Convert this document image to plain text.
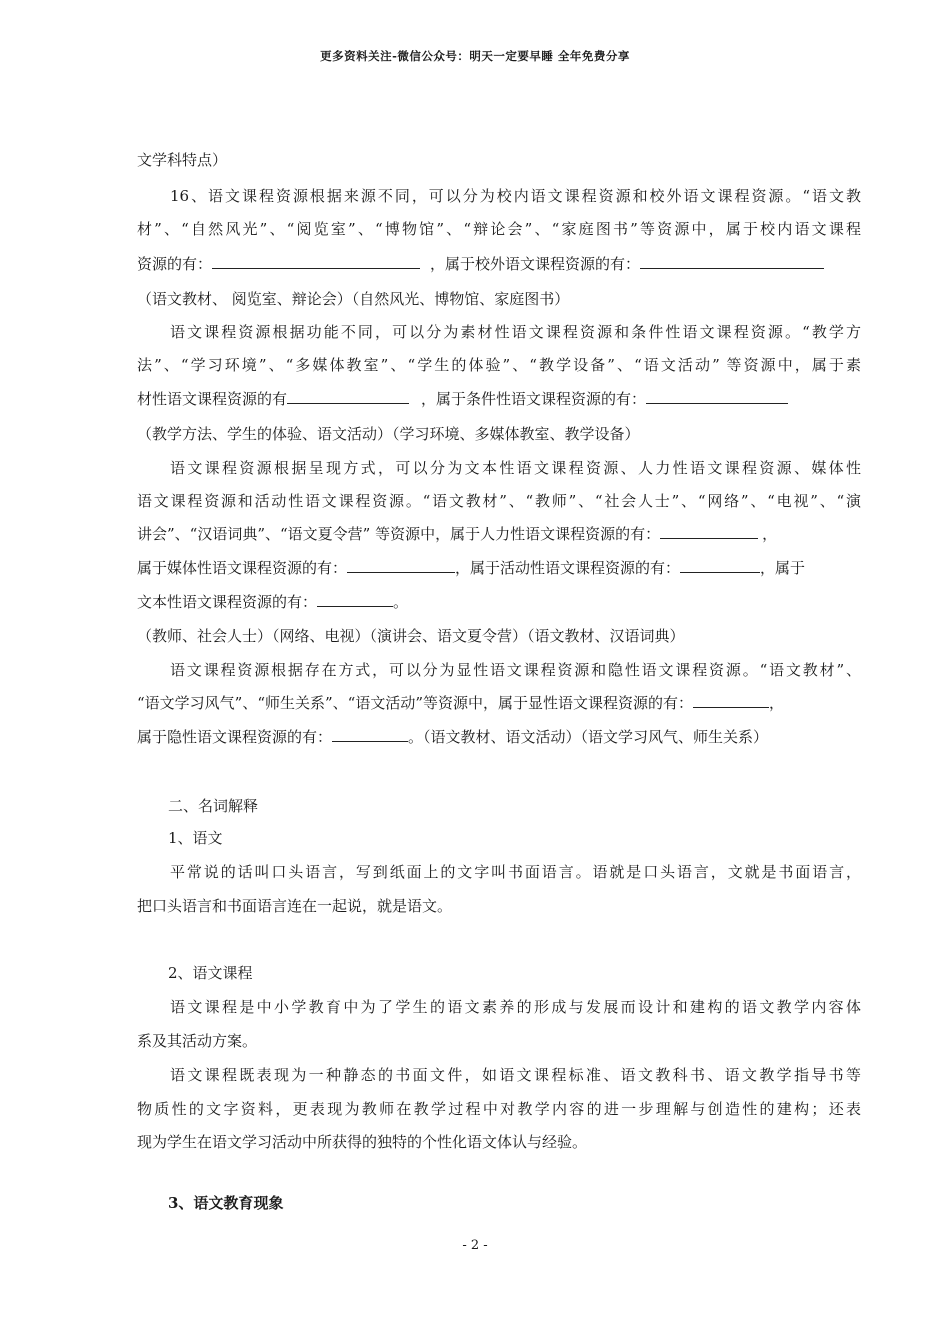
更多资料关注-微信公众号：明天一定要早睡 全年免费分享
文学科特点）
16、语文课程资源根据来源不同，可以分为校内语文课程资源和校外语文课程资源。“语文教
材”、“自然风光”、“阅览室”、“博物馆”、“辩论会”、“家庭图书”等资源中，属于校内语文课程
资源的有：	，属于校外语文课程资源的有：
（语文教材、 阅览室、辩论会）（自然风光、博物馆、家庭图书）
语文课程资源根据功能不同，可以分为素材性语文课程资源和条件性语文课程资源。“教学方
法”、“学习环境”、“多媒体教室”、“学生的体验”、“教学设备”、“语文活动” 等资源中，属于素
材性语文课程资源的有	，属于条件性语文课程资源的有：
（教学方法、学生的体验、语文活动）（学习环境、多媒体教室、教学设备）
语文课程资源根据呈现方式，可以分为文本性语文课程资源、人力性语文课程资源、媒体性
语文课程资源和活动性语文课程资源。“语文教材”、“教师”、“社会人士”、“网络”、“电视”、“演
讲会”、“汉语词典”、“语文夏令营” 等资源中，属于人力性语文课程资源的有：	，
属于媒体性语文课程资源的有：	，属于活动性语文课程资源的有：	，属于
文本性语文课程资源的有：	。
（教师、社会人士）（网络、电视）（演讲会、语文夏令营）（语文教材、汉语词典）
语文课程资源根据存在方式，可以分为显性语文课程资源和隐性语文课程资源。“语文教材”、
“语文学习风气”、“师生关系”、“语文活动”等资源中，属于显性语文课程资源的有：	，
属于隐性语文课程资源的有：	。（语文教材、语文活动）（语文学习风气、师生关系）
二、名词解释
1、语文
平常说的话叫口头语言，写到纸面上的文字叫书面语言。语就是口头语言，文就是书面语言，
把口头语言和书面语言连在一起说，就是语文。
2、语文课程
语文课程是中小学教育中为了学生的语文素养的形成与发展而设计和建构的语文教学内容体
系及其活动方案。
语文课程既表现为一种静态的书面文件，如语文课程标准、语文教科书、语文教学指导书等
物质性的文字资料，更表现为教师在教学过程中对教学内容的进一步理解与创造性的建构；还表
现为学生在语文学习活动中所获得的独特的个性化语文体认与经验。
3、语文教育现象
- 2 -
